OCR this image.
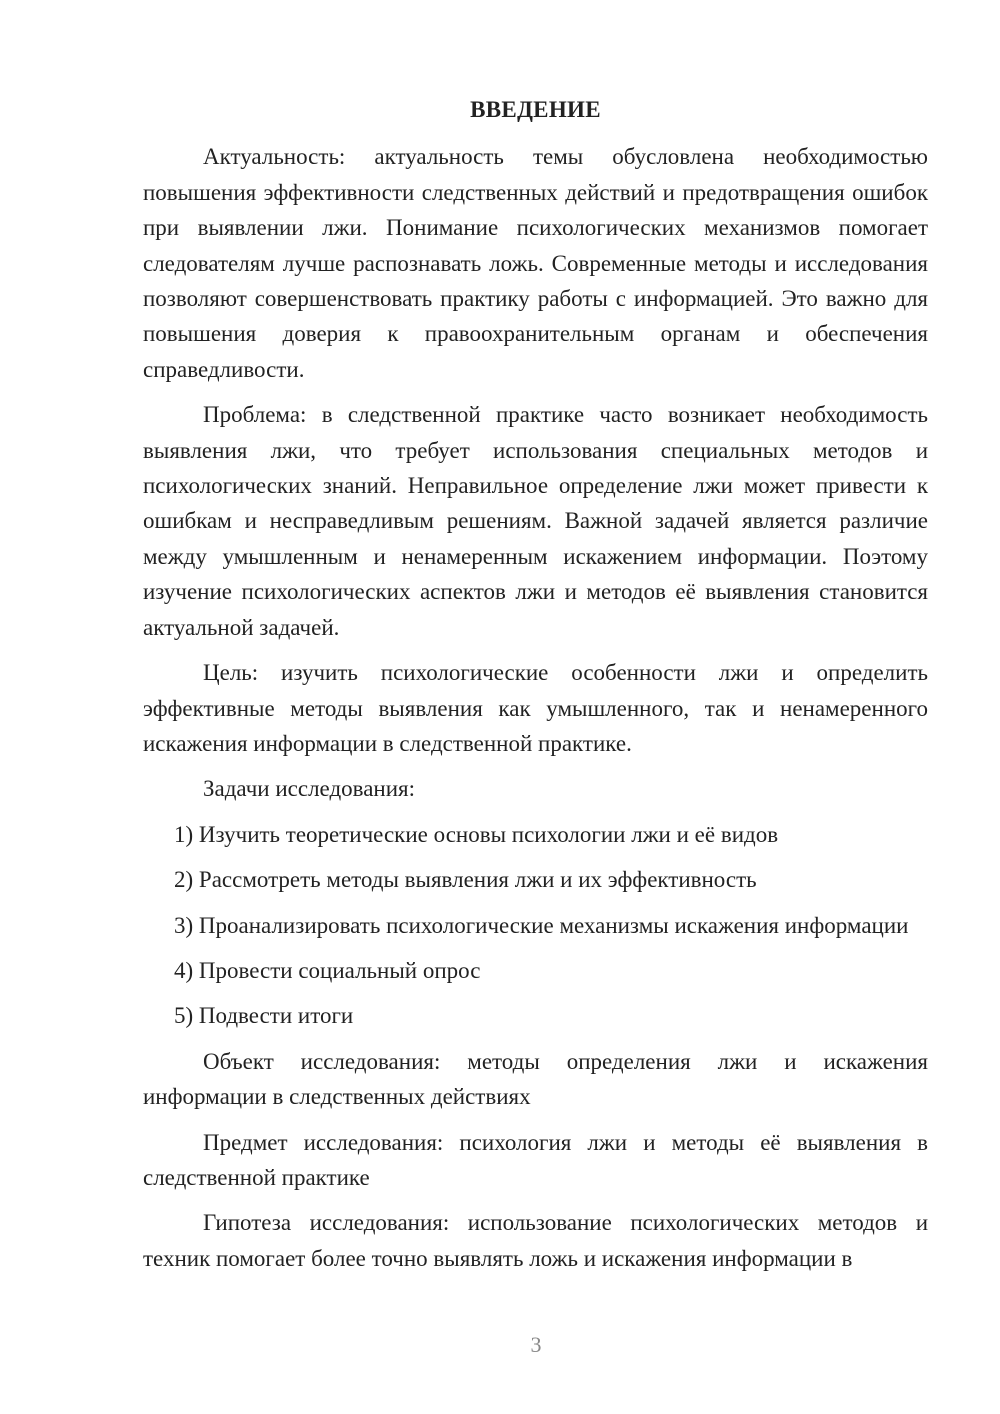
ВВЕДЕНИЕ

Актуальность: актуальность темы обусловлена необходимостью повышения эффективности следственных действий и предотвращения ошибок при выявлении лжи. Понимание психологических механизмов помогает следователям лучше распознавать ложь. Современные методы и исследования позволяют совершенствовать практику работы с информацией. Это важно для повышения доверия к правоохранительным органам и обеспечения справедливости.

Проблема: в следственной практике часто возникает необходимость выявления лжи, что требует использования специальных методов и психологических знаний. Неправильное определение лжи может привести к ошибкам и несправедливым решениям. Важной задачей является различие между умышленным и ненамеренным искажением информации. Поэтому изучение психологических аспектов лжи и методов её выявления становится актуальной задачей.

Цель: изучить психологические особенности лжи и определить эффективные методы выявления как умышленного, так и ненамеренного искажения информации в следственной практике.

Задачи исследования:

1) Изучить теоретические основы психологии лжи и её видов

2) Рассмотреть методы выявления лжи и их эффективность

3) Проанализировать психологические механизмы искажения информации

4) Провести социальный опрос

5) Подвести итоги

Объект исследования: методы определения лжи и искажения информации в следственных действиях

Предмет исследования: психология лжи и методы её выявления в следственной практике

Гипотеза исследования: использование психологических методов и техник помогает более точно выявлять ложь и искажения информации в

3
